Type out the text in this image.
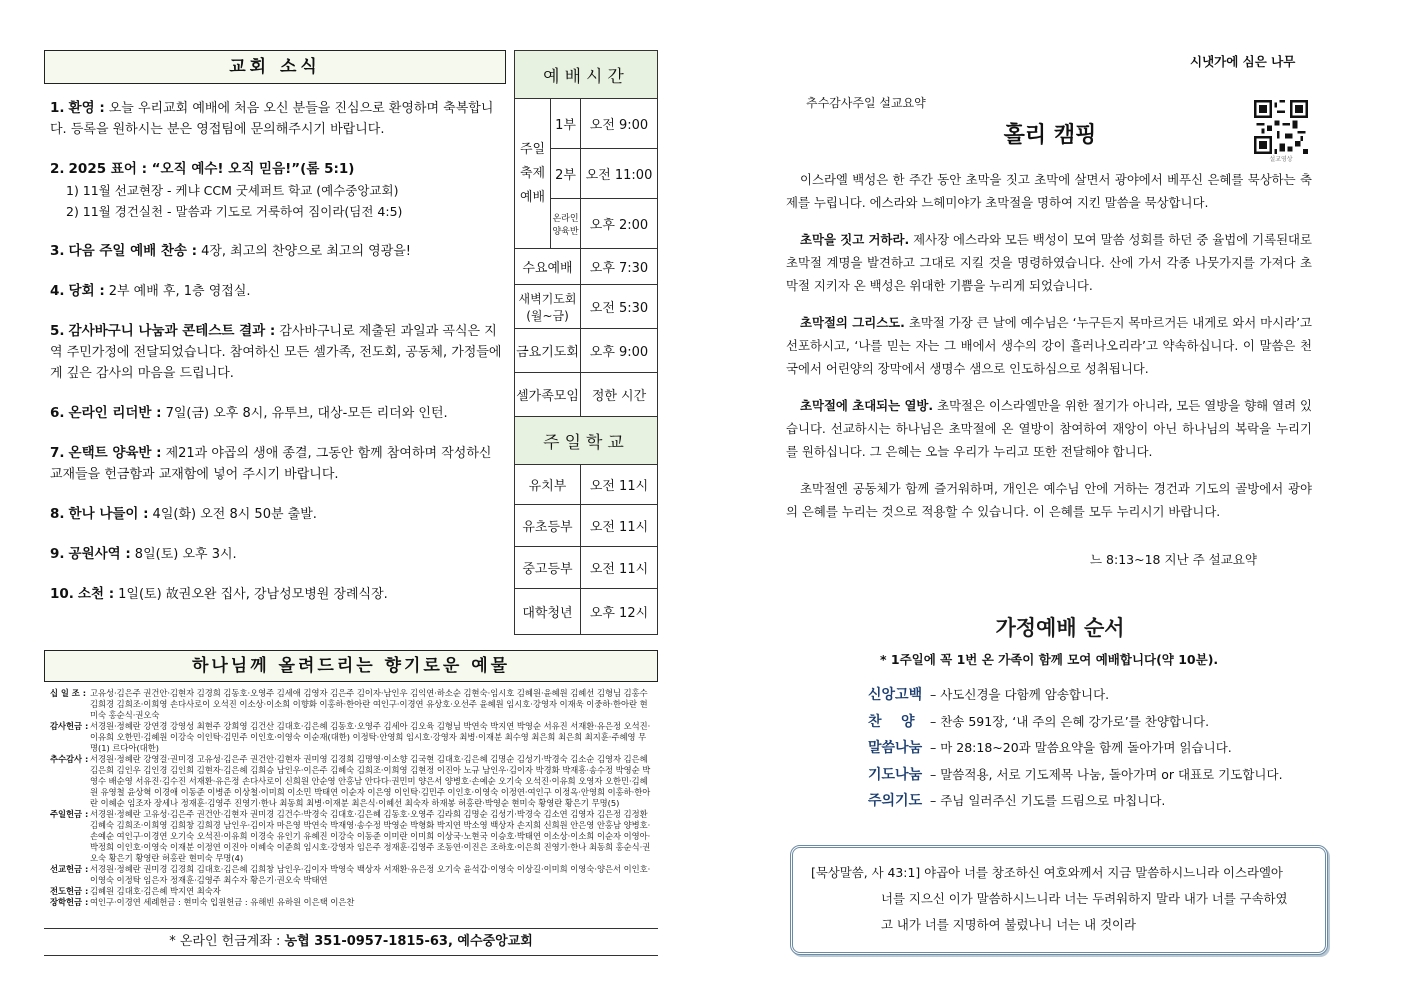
교회 소식
1. 환영 : 오늘 우리교회 예배에 처음 오신 분들을 진심으로 환영하며 축복합니다. 등록을 원하시는 분은 영접팀에 문의해주시기 바랍니다.
2. 2025 표어 : “오직 예수! 오직 믿음!”(롬 5:1)
1) 11월 선교현장 - 케냐 CCM 굿셰퍼트 학교 (예수중앙교회)
2) 11월 경건실천 - 말씀과 기도로 거룩하여 짐이라(딤전 4:5)
3. 다음 주일 예배 찬송 : 4장, 최고의 찬양으로 최고의 영광을!
4. 당회 : 2부 예배 후, 1층 영접실.
5. 감사바구니 나눔과 콘테스트 결과 : 감사바구니로 제출된 과일과 곡식은 지역 주민가정에 전달되었습니다. 참여하신 모든 셀가족, 전도회, 공동체, 가정들에게 깊은 감사의 마음을 드립니다.
6. 온라인 리더반 : 7일(금) 오후 8시, 유투브, 대상-모든 리더와 인턴.
7. 온택트 양육반 : 제21과 야곱의 생애 종결, 그동안 함께 참여하며 작성하신 교재들을 헌금함과 교재함에 넣어 주시기 바랍니다.
8. 한나 나들이 : 4일(화) 오전 8시 50분 출발.
9. 공원사역 : 8일(토) 오후 3시.
10. 소천 : 1일(토) 故권오완 집사, 강남성모병원 장례식장.
예배시간		
주일 축제 예배	1부	오전 9:00
	2부	오전 11:00
	온라인 양육반	오후 2:00
수요예배		오후 7:30
새벽기도회 (월~금)		오전 5:30
금요기도회		오후 9:00
셀가족모임		정한 시간
주일학교		
유치부		오전 11시
유초등부		오전 11시
중고등부		오전 11시
대학청년		오후 12시
하나님께 올려드리는 향기로운 예물
십 일 조 : 고유성·김은주 권건안·김현자 김경희 김동호·오영주 김세애 김영자 김은주 김이자·남인우 김익연·하소순 김현숙·임시호 김혜원·윤혜원 김혜선 김형님 김홍수 김희경 김희조·이희영 손다사로이 오석진 이소상·이소희 이향화 이홍하·한아란 여인구·이경연 유상호·오선주 윤혜원 임시호·강영자 이재욱 이중하·한아란 현미숙 홍순식·권오숙
감사헌금 : 서경원·정혜란 강연경 강영성 최현주 강희영 김건산 김대호·김은혜 김동호·오영주 김세아 김오육 김형님 박연숙 박지연 박영순 서유진 서재환·유은정 오석진·이유희 오한민·김혜원 이강숙 이인탁·김민주 이인호·이영숙 이순재(대한) 이정탁·안영희 임시호·강영자 최병·이재분 최수영 최은희 최은희 최지훈·주혜영 무명(1) 르다아(대한)
추수감사 : 서경원·정혜란 강영걸·권미경 고유성·김은주 권건안·김현자 권미영 김경희 김명영·이소향 김국현 김대호·김은혜 김명순 김성기·박경숙 김소순 김영자 김은혜 김은희 김인우 김인경 김인희 김현자·김은혜 김희승 남인우·이은주 김혜숙 김희조·이희영 김현정 이진아 노규 남인우·김이자 박경화 박재흥·송수정 박영순 박영수 배순영 서유진·김수진 서재환·유은정 손다사로이 신희원 안순영 안홍남 안다다·권민미 양은서 양병호·손예순 오기숙 오석진·이유희 오영자 오한민·김혜원 유영철 윤상혁 이경애 이동준 이병준 이상철·이미희 이소민 박태연 이순자 이은영 이인탁·김민주 이인호·이영숙 이정연·여인구 이정옥·안영희 이홍하·한아란 이혜순 임조자 장세나 정재훈·김영주 진영기·한나 최동희 최병·이재분 최은식·이혜선 최숙자 하재봉 허홍란·박영순 현미숙 황영란 황은기 무명(5)
주일헌금 : 서경원·정혜란 고유성·김은주 권건안·김현자 권미경 김건수·박경숙 김대호·김은혜 김동호·오영주 김라희 김명순 김성기·박경숙 김소연 김영자 김은정 김정환 김혜숙 김희조·이희영 김희창 김희경 남인우·김이자 마은영 박연숙 박재영·송수정 박영순 박형화 박지연 박소영 백상자 손지희 신희원 안은영 안홍남 양병호·손예순 여인구·이경연 오기숙 오석진·이유희 이경숙 유인기 유혜진 이강숙 이동준 이미란 이미희 이상국·노현국 이승호·박태연 이소상·이소희 이순자 이영아·박정희 이인호·이영숙 이재분 이정연 이진아 이혜숙 이준희 임시호·강영자 임은주 정재훈·김영주 조동연·이진은 조하호·이은희 진영기·한나 최동희 홍순식·권오숙 황은기 황영란 허홍란 현미숙 무명(4)
선교헌금 : 서경원·정혜란 권미경 김경희 김대호·김은혜 김희창 남인우·김이자 박영숙 백상자 서재환·유은정 오기숙 윤석갑·이영숙 이상길·이미희 이영숙·양은서 이인호·이영숙 이정탁 임은자 정재훈·김영주 최수자 황은기·권오숙 박태연
전도헌금 : 김혜원 김대호·김은혜 박지연 최숙자
장학헌금 : 여인구·이경연 세례헌금 : 현미숙 입원헌금 : 유해빈 유하원 이은택 이은찬
* 온라인 헌금계좌 : 농협 351-0957-1815-63, 예수중앙교회
시냇가에 심은 나무
추수감사주일 설교요약
홀리 캠핑
설교영상

이스라엘 백성은 한 주간 동안 초막을 짓고 초막에 살면서 광야에서 베푸신 은혜를 묵상하는 축제를 누립니다. 에스라와 느헤미야가 초막절을 명하여 지킨 말씀을 묵상합니다.

초막을 짓고 거하라. 제사장 에스라와 모든 백성이 모여 말씀 성회를 하던 중 율법에 기록된대로 초막절 계명을 발견하고 그대로 지킬 것을 명령하였습니다. 산에 가서 각종 나뭇가지를 가져다 초막절 지키자 온 백성은 위대한 기쁨을 누리게 되었습니다.

초막절의 그리스도. 초막절 가장 큰 날에 예수님은 ‘누구든지 목마르거든 내게로 와서 마시라’고 선포하시고, ‘나를 믿는 자는 그 배에서 생수의 강이 흘러나오리라’고 약속하십니다. 이 말씀은 천국에서 어린양의 장막에서 생명수 샘으로 인도하심으로 성취됩니다.

초막절에 초대되는 열방. 초막절은 이스라엘만을 위한 절기가 아니라, 모든 열방을 향해 열려 있습니다. 선교하시는 하나님은 초막절에 온 열방이 참여하여 재앙이 아닌 하나님의 복락을 누리기를 원하십니다. 그 은혜는 오늘 우리가 누리고 또한 전달해야 합니다.

초막절엔 공동체가 함께 즐거워하며, 개인은 예수님 안에 거하는 경건과 기도의 골방에서 광야의 은혜를 누리는 것으로 적용할 수 있습니다. 이 은혜를 모두 누리시기 바랍니다.

느 8:13~18 지난 주 설교요약
가정예배 순서
* 1주일에 꼭 1번 온 가족이 함께 모여 예배합니다(약 10분).
신앙고백 – 사도신경을 다함께 암송합니다.
찬    양 – 찬송 591장, ‘내 주의 은혜 강가로’를 찬양합니다.
말씀나눔 – 마 28:18~20과 말씀요약을 함께 돌아가며 읽습니다.
기도나눔 – 말씀적용, 서로 기도제목 나눔, 돌아가며 or 대표로 기도합니다.
주의기도 – 주님 일러주신 기도를 드림으로 마칩니다.
[묵상말씀, 사 43:1] 야곱아 너를 창조하신 여호와께서 지금 말씀하시느니라 이스라엘아
너를 지으신 이가 말씀하시느니라 너는 두려워하지 말라 내가 너를 구속하였
고 내가 너를 지명하여 불렀나니 너는 내 것이라
